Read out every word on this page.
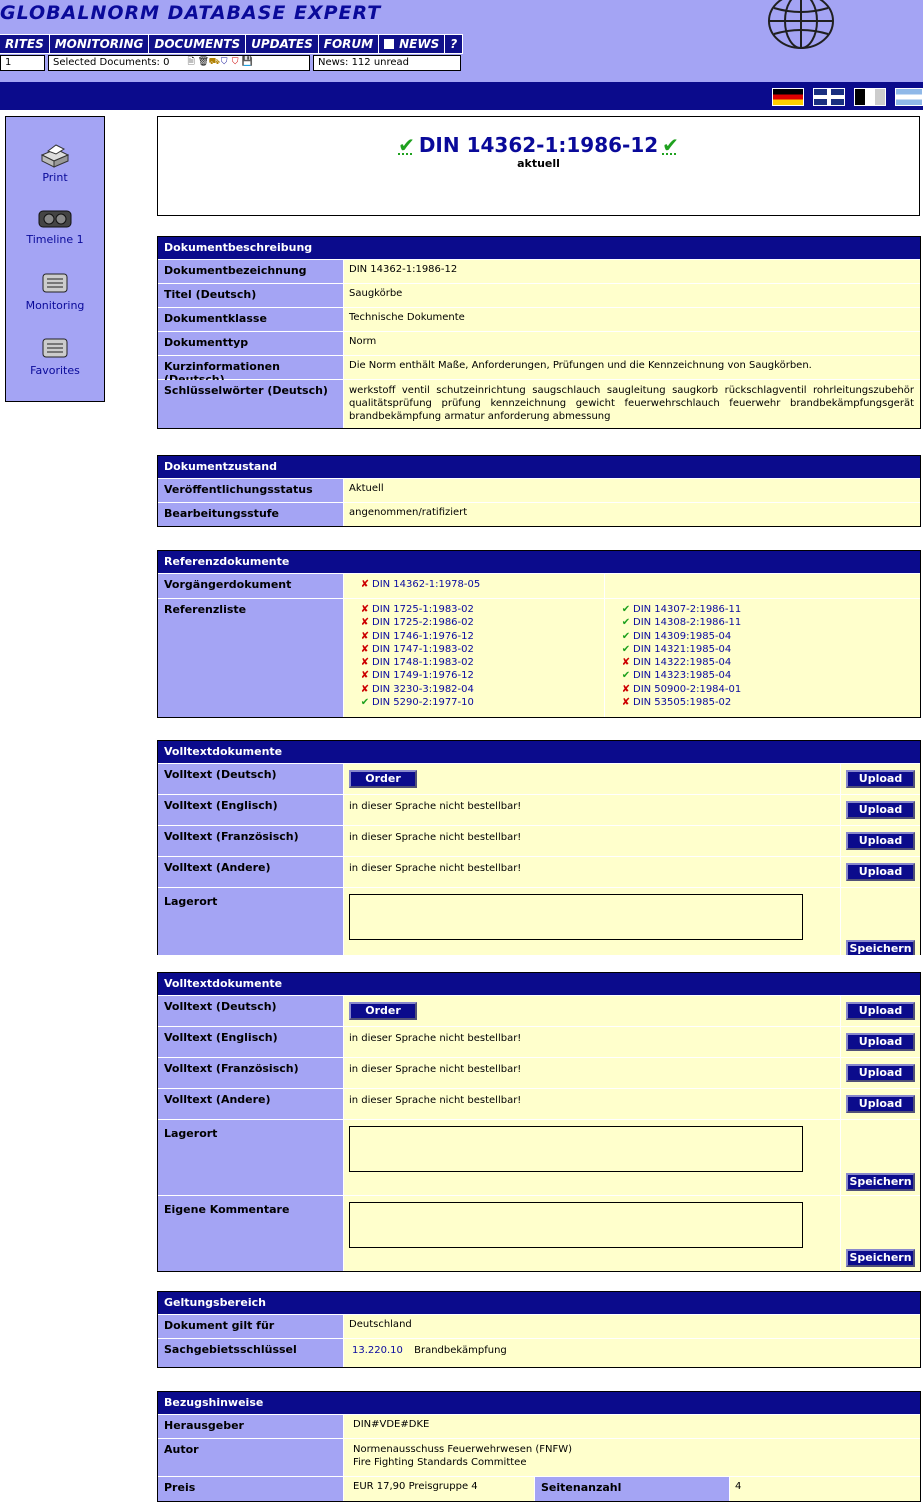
GLOBALNORM DATABASE EXPERT
RITES MONITORING DOCUMENTS UPDATES FORUM	NEWS ?
1	Selected Documents: 0 🗎 🗑 ⛟ ⛉ ⛉ 💾	News: 112 unread
Print
Timeline 1
Monitoring
Favorites
✔ DIN 14362-1:1986-12 ✔
aktuell
Dokumentbeschreibung
Dokumentbezeichnung	DIN 14362-1:1986-12
Titel (Deutsch)	Saugkörbe
Dokumentklasse	Technische Dokumente
Dokumenttyp	Norm
Kurzinformationen	Die Norm enthält Maße, Anforderungen, Prüfungen und die Kennzeichnung von Saugkörben.
Schlüsselwörter (Deutsch)	werkstoff ventil schutzeinrichtung saugschlauch saugleitung saugkorb rückschlagventil rohrleitungszubehör qualitätsprüfung prüfung kennzeichnung gewicht feuerwehrschlauch feuerwehr brandbekämpfungsgerät brandbekämpfung armatur anforderung abmessung
Dokumentzustand
Veröffentlichungsstatus	Aktuell
Bearbeitungsstufe	angenommen/ratifiziert
Referenzdokumente
Vorgängerdokument	✘ DIN 14362-1:1978-05
Referenzliste	✘ DIN 1725-1:1983-02
✘ DIN 1725-2:1986-02
✘ DIN 1746-1:1976-12
✘ DIN 1747-1:1983-02
✘ DIN 1748-1:1983-02
✘ DIN 1749-1:1976-12
✘ DIN 3230-3:1982-04
✔ DIN 5290-2:1977-10
✔ DIN 14307-2:1986-11
✔ DIN 14308-2:1986-11
✔ DIN 14309:1985-04
✔ DIN 14321:1985-04
✘ DIN 14322:1985-04
✔ DIN 14323:1985-04
✘ DIN 50900-2:1984-01
✘ DIN 53505:1985-02
Volltextdokumente
Volltext (Deutsch)	Order	Upload
Volltext (Englisch)	in dieser Sprache nicht bestellbar!	Upload
Volltext (Französisch)	in dieser Sprache nicht bestellbar!	Upload
Volltext (Andere)	in dieser Sprache nicht bestellbar!	Upload
Lagerort
Speichern
Volltextdokumente
Volltext (Deutsch)	Order	Upload
Volltext (Englisch)	in dieser Sprache nicht bestellbar!	Upload
Volltext (Französisch)	in dieser Sprache nicht bestellbar!	Upload
Volltext (Andere)	in dieser Sprache nicht bestellbar!	Upload
Lagerort
Speichern
Eigene Kommentare
Speichern
Geltungsbereich
Dokument gilt für	Deutschland
Sachgebietsschlüssel	13.220.10 Brandbekämpfung
Bezugshinweise
Herausgeber	DIN#VDE#DKE
Autor	Normenausschuss Feuerwehrwesen (FNFW)
Fire Fighting Standards Committee
Preis	EUR 17,90 Preisgruppe 4	Seitenanzahl	4
